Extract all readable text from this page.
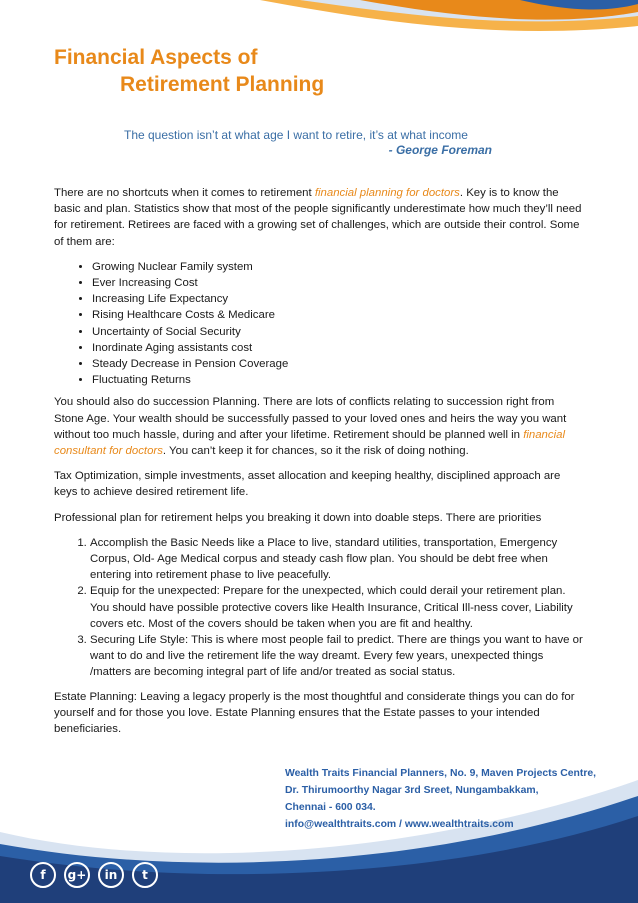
Financial Aspects of
Retirement Planning
The question isn’t at what age I want to retire, it’s at what income
- George Foreman

There are no shortcuts when it comes to retirement financial planning for doctors. Key is to know the basic and plan. Statistics show that most of the people significantly underestimate how much they’ll need for retirement. Retirees are faced with a growing set of challenges, which are outside their control. Some of them are:

• Growing Nuclear Family system
• Ever Increasing Cost
• Increasing Life Expectancy
• Rising Healthcare Costs & Medicare
• Uncertainty of Social Security
• Inordinate Aging assistants cost
• Steady Decrease in Pension Coverage
• Fluctuating Returns

You should also do succession Planning. There are lots of conflicts relating to succession right from Stone Age. Your wealth should be successfully passed to your loved ones and heirs the way you want without too much hassle, during and after your lifetime. Retirement should be planned well in financial consultant for doctors. You can’t keep it for chances, so it the risk of doing nothing.

Tax Optimization, simple investments, asset allocation and keeping healthy, disciplined approach are keys to achieve desired retirement life.

Professional plan for retirement helps you breaking it down into doable steps. There are priorities

1. Accomplish the Basic Needs like a Place to live, standard utilities, transportation, Emergency Corpus, Old- Age Medical corpus and steady cash flow plan. You should be debt free when entering into retirement phase to live peacefully.
2. Equip for the unexpected: Prepare for the unexpected, which could derail your retirement plan. You should have possible protective covers like Health Insurance, Critical Ill-ness cover, Liability covers etc. Most of the covers should be taken when you are fit and healthy.
3. Securing Life Style: This is where most people fail to predict. There are things you want to have or want to do and live the retirement life the way dreamt. Every few years, unexpected things /matters are becoming integral part of life and/or treated as social status.

Estate Planning: Leaving a legacy properly is the most thoughtful and considerate things you can do for yourself and for those you love. Estate Planning ensures that the Estate passes to your intended beneficiaries.

Wealth Traits Financial Planners, No. 9, Maven Projects Centre,
Dr. Thirumoorthy Nagar 3rd Sreet, Nungambakkam,
Chennai - 600 034.
info@wealthtraits.com / www.wealthtraits.com
f	g+	in	t
